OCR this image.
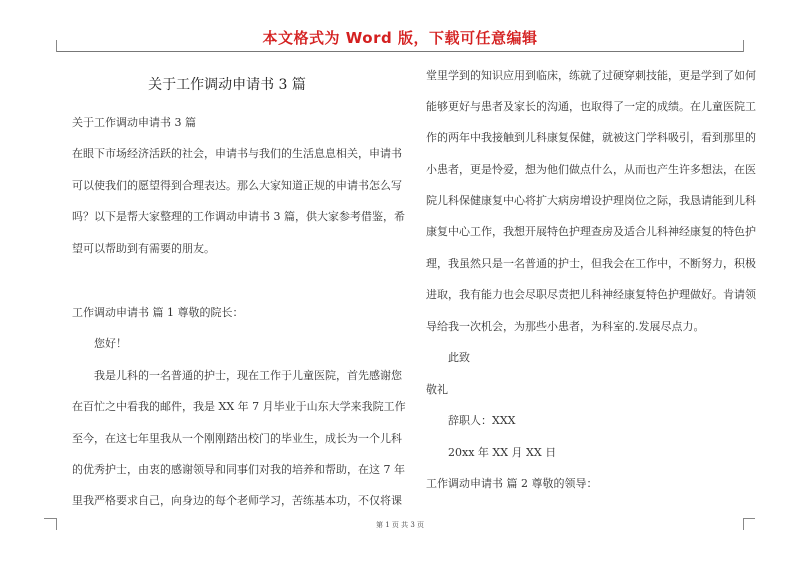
本文格式为 Word 版，下载可任意编辑
关于工作调动申请书 3 篇

关于工作调动申请书 3 篇

在眼下市场经济活跃的社会，申请书与我们的生活息息相关，申请书

可以使我们的愿望得到合理表达。那么大家知道正规的申请书怎么写

吗？以下是帮大家整理的工作调动申请书 3 篇，供大家参考借鉴，希

望可以帮助到有需要的朋友。

工作调动申请书 篇 1 尊敬的院长：

您好！

我是儿科的一名普通的护士，现在工作于儿童医院，首先感谢您

在百忙之中看我的邮件，我是 XX 年 7 月毕业于山东大学来我院工作

至今，在这七年里我从一个刚刚踏出校门的毕业生，成长为一个儿科

的优秀护士，由衷的感谢领导和同事们对我的培养和帮助，在这 7 年

里我严格要求自己，向身边的每个老师学习，苦练基本功，不仅将课

堂里学到的知识应用到临床，练就了过硬穿刺技能，更是学到了如何

能够更好与患者及家长的沟通，也取得了一定的成绩。在儿童医院工

作的两年中我接触到儿科康复保健，就被这门学科吸引，看到那里的

小患者，更是怜爱，想为他们做点什么，从而也产生许多想法，在医

院儿科保健康复中心将扩大病房增设护理岗位之际，我恳请能到儿科

康复中心工作，我想开展特色护理查房及适合儿科神经康复的特色护

理，我虽然只是一名普通的护士，但我会在工作中，不断努力，积极

进取，我有能力也会尽职尽责把儿科神经康复特色护理做好。肯请领

导给我一次机会，为那些小患者，为科室的.发展尽点力。

此致

敬礼

辞职人：XXX

20xx 年 XX 月 XX 日

工作调动申请书 篇 2 尊敬的领导：

第 1 页 共 3 页
